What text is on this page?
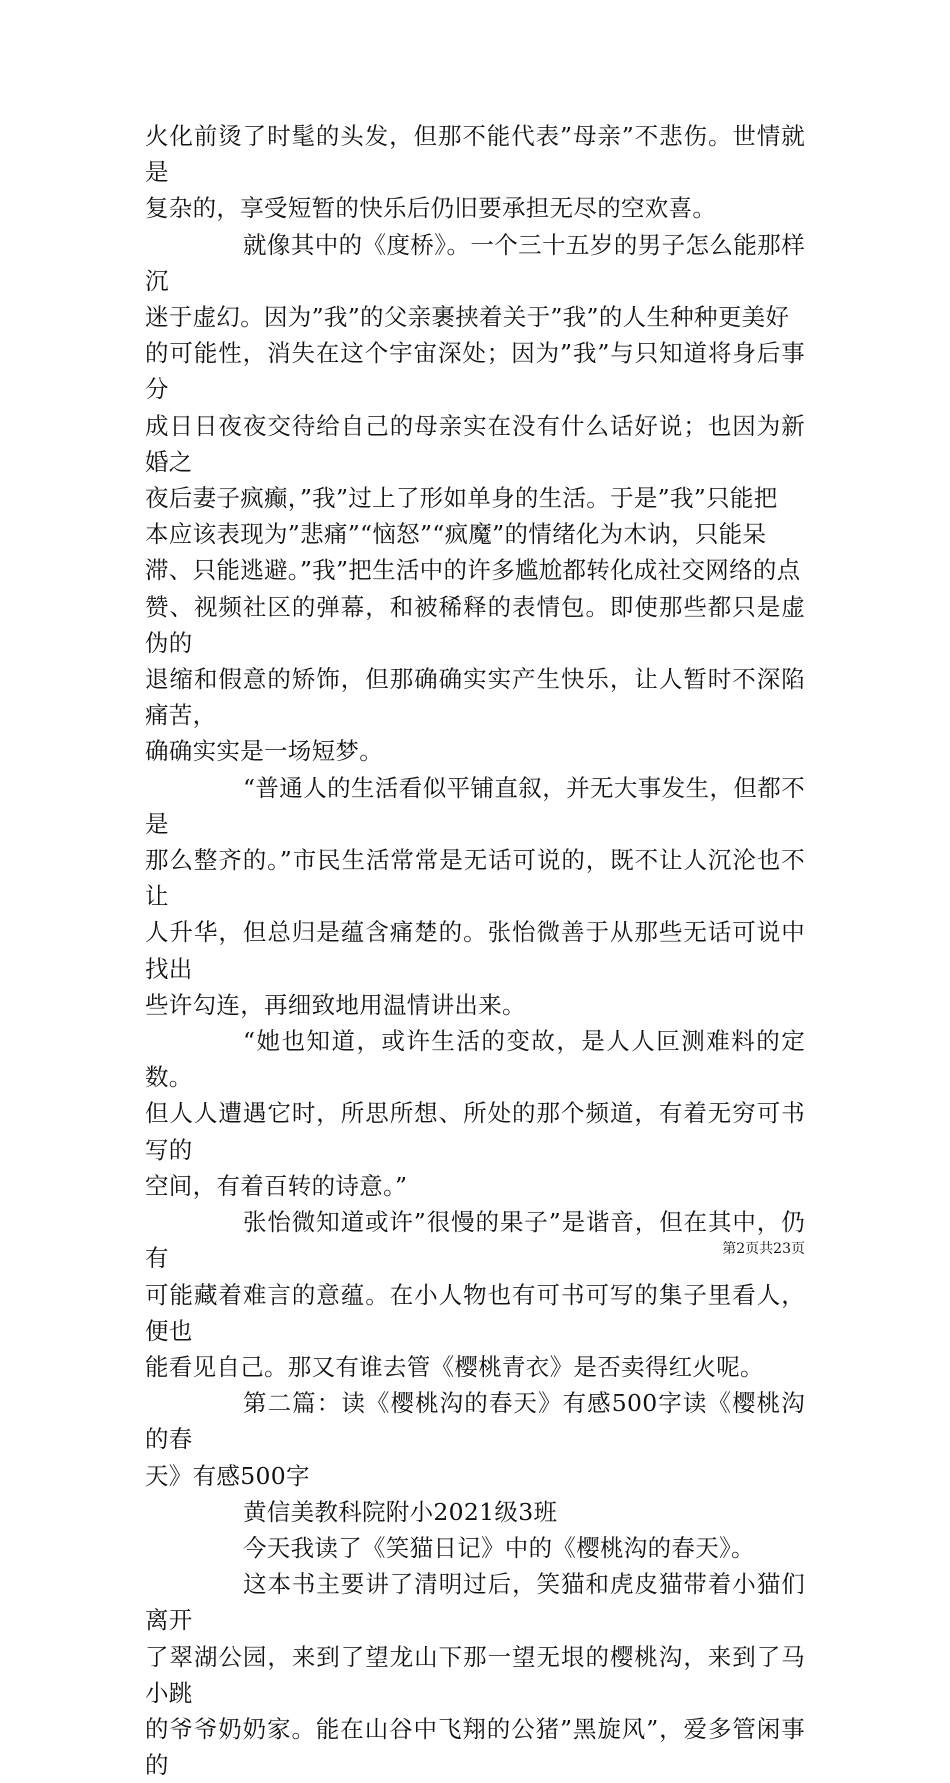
火化前烫了时髦的头发，但那不能代表”母亲”不悲伤。世情就是
复杂的，享受短暂的快乐后仍旧要承担无尽的空欢喜。

就像其中的《度桥》。一个三十五岁的男子怎么能那样沉
迷于虚幻。因为”我”的父亲裹挟着关于”我”的人生种种更美好
的可能性，消失在这个宇宙深处；因为”我”与只知道将身后事分
成日日夜夜交待给自己的母亲实在没有什么话好说；也因为新婚之
夜后妻子疯癫，”我”过上了形如单身的生活。于是”我”只能把
本应该表现为”悲痛”“恼怒”“疯魔”的情绪化为木讷，只能呆
滞、只能逃避。”我”把生活中的许多尴尬都转化成社交网络的点
赞、视频社区的弹幕，和被稀释的表情包。即使那些都只是虚伪的
退缩和假意的矫饰，但那确确实实产生快乐，让人暂时不深陷痛苦，
确确实实是一场短梦。

“普通人的生活看似平铺直叙，并无大事发生，但都不是
那么整齐的。”市民生活常常是无话可说的，既不让人沉沦也不让
人升华，但总归是蕴含痛楚的。张怡微善于从那些无话可说中找出
些许勾连，再细致地用温情讲出来。

“她也知道，或许生活的变故，是人人叵测难料的定数。
但人人遭遇它时，所思所想、所处的那个频道，有着无穷可书写的
空间，有着百转的诗意。”

张怡微知道或许”很慢的果子”是谐音，但在其中，仍有
可能藏着难言的意蕴。在小人物也有可书可写的集子里看人，便也
能看见自己。那又有谁去管《樱桃青衣》是否卖得红火呢。

第二篇：读《樱桃沟的春天》有感500字读《樱桃沟的春
天》有感500字

黄信美教科院附小2021级3班

今天我读了《笑猫日记》中的《樱桃沟的春天》。

这本书主要讲了清明过后，笑猫和虎皮猫带着小猫们离开
了翠湖公园，来到了望龙山下那一望无垠的樱桃沟，来到了马小跳
的爷爷奶奶家。能在山谷中飞翔的公猪”黑旋风”，爱多管闲事的

第2页共23页
